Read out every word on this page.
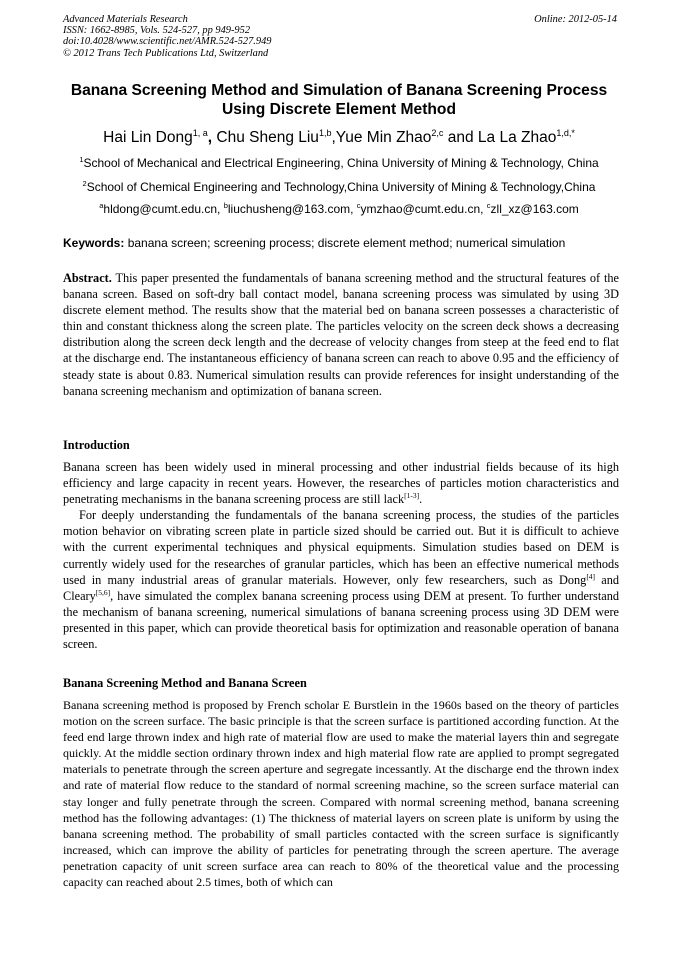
Advanced Materials Research
ISSN: 1662-8985, Vols. 524-527, pp 949-952
doi:10.4028/www.scientific.net/AMR.524-527.949
© 2012 Trans Tech Publications Ltd, Switzerland
Online: 2012-05-14
Banana Screening Method and Simulation of Banana Screening Process
Using Discrete Element Method
Hai Lin Dong$^{1, a}$, Chu Sheng Liu$^{1,b}$,Yue Min Zhao$^{2,c}$ and La La Zhao$^{1,d,*}$
$^1$School of Mechanical and Electrical Engineering, China University of Mining & Technology, China
$^2$School of Chemical Engineering and Technology,China University of Mining & Technology,China
$^a$hldong@cumt.edu.cn, $^b$liuchusheng@163.com, $^c$ymzhao@cumt.edu.cn, $^c$zll_xz@163.com
Keywords: banana screen; screening process; discrete element method; numerical simulation

Abstract. This paper presented the fundamentals of banana screening method and the structural features of the banana screen. Based on soft-dry ball contact model, banana screening process was simulated by using 3D discrete element method. The results show that the material bed on banana screen possesses a characteristic of thin and constant thickness along the screen plate. The particles velocity on the screen deck shows a decreasing distribution along the screen deck length and the decrease of velocity changes from steep at the feed end to flat at the discharge end. The instantaneous efficiency of banana screen can reach to above 0.95 and the efficiency of steady state is about 0.83. Numerical simulation results can provide references for insight understanding of the banana screening mechanism and optimization of banana screen.

Introduction

Banana screen has been widely used in mineral processing and other industrial fields because of its high efficiency and large capacity in recent years. However, the researches of particles motion characteristics and penetrating mechanisms in the banana screening process are still lack[1-3].

For deeply understanding the fundamentals of the banana screening process, the studies of the particles motion behavior on vibrating screen plate in particle sized should be carried out. But it is difficult to achieve with the current experimental techniques and physical equipments. Simulation studies based on DEM is currently widely used for the researches of granular particles, which has been an effective numerical methods used in many industrial areas of granular materials. However, only few researchers, such as Dong[4] and Cleary[5,6], have simulated the complex banana screening process using DEM at present. To further understand the mechanism of banana screening, numerical simulations of banana screening process using 3D DEM were presented in this paper, which can provide theoretical basis for optimization and reasonable operation of banana screen.

Banana Screening Method and Banana Screen

Banana screening method is proposed by French scholar E Burstlein in the 1960s based on the theory of particles motion on the screen surface. The basic principle is that the screen surface is partitioned according function. At the feed end large thrown index and high rate of material flow are used to make the material layers thin and segregate quickly. At the middle section ordinary thrown index and high material flow rate are applied to prompt segregated materials to penetrate through the screen aperture and segregate incessantly. At the discharge end the thrown index and rate of material flow reduce to the standard of normal screening machine, so the screen surface material can stay longer and fully penetrate through the screen. Compared with normal screening method, banana screening method has the following advantages: (1) The thickness of material layers on screen plate is uniform by using the banana screening method. The probability of small particles contacted with the screen surface is significantly increased, which can improve the ability of particles for penetrating through the screen aperture. The average penetration capacity of unit screen surface area can reach to 80% of the theoretical value and the processing capacity can reached about 2.5 times, both of which can
